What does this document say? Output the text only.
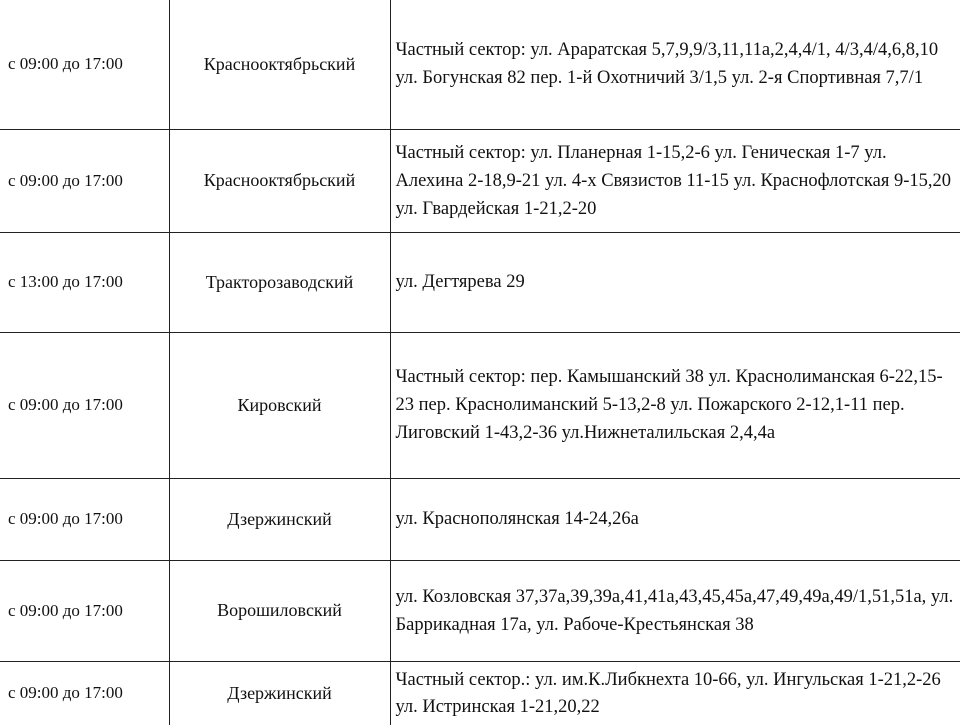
с 09:00 до 17:00	Краснооктябрьский	Частный сектор: ул. Араратская 5,7,9,9/3,11,11а,2,4,4/1, 4/3,4/4,6,8,10 ул. Богунская 82 пер. 1-й Охотничий 3/1,5 ул. 2-я Спортивная 7,7/1

с 09:00 до 17:00	Краснооктябрьский	Частный сектор: ул. Планерная 1-15,2-6 ул. Геническая 1-7 ул. Алехина 2-18,9-21 ул. 4-х Связистов 11-15 ул. Краснофлотская 9-15,20 ул. Гвардейская 1-21,2-20

с 13:00 до 17:00	Тракторозаводский	ул. Дегтярева 29

с 09:00 до 17:00	Кировский	Частный сектор: пер. Камышанский 38 ул. Краснолиманская 6-22,15-23 пер. Краснолиманский 5-13,2-8 ул. Пожарского 2-12,1-11 пер. Лиговский 1-43,2-36 ул.Нижнеталильская 2,4,4а

с 09:00 до 17:00	Дзержинский	ул. Краснополянская 14-24,26а

с 09:00 до 17:00	Ворошиловский	ул. Козловская 37,37а,39,39а,41,41а,43,45,45а,47,49,49а,49/1,51,51а, ул. Баррикадная 17а, ул. Рабоче-Крестьянская 38

с 09:00 до 17:00	Дзержинский	Частный сектор.: ул. им.К.Либкнехта 10-66, ул. Ингульская 1-21,2-26 ул. Истринская 1-21,20,22
